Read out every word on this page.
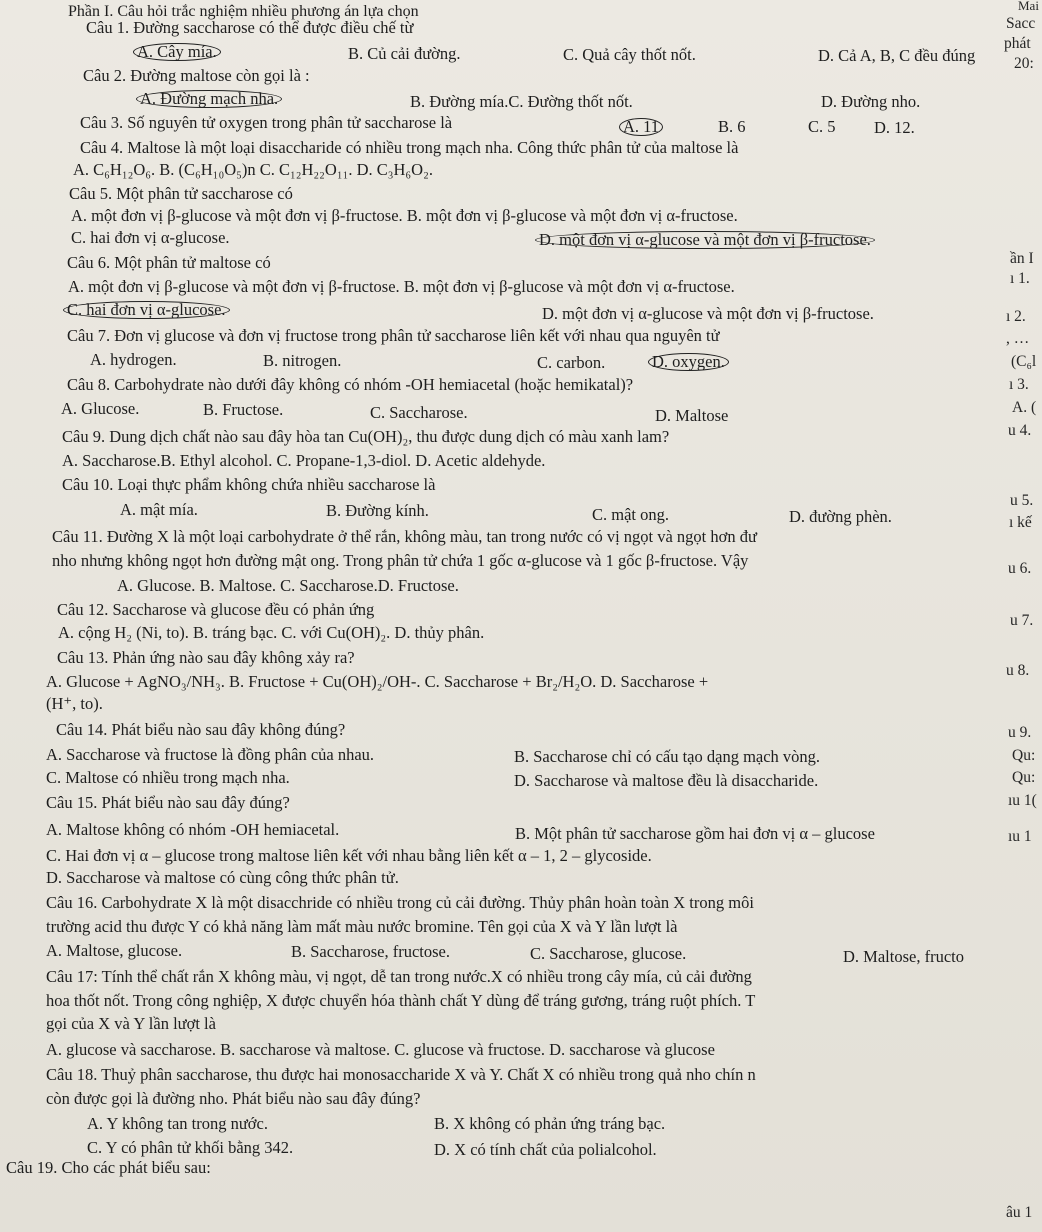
Phần I. Câu hỏi trắc nghiệm nhiều phương án lựa chọn
Câu 1. Đường saccharose có thể được điều chế từ
A. Cây mía.	B. Củ cải đường.	C. Quả cây thốt nốt.	D. Cả A, B, C đều đúng
Câu 2. Đường maltose còn gọi là :
A. Đường mạch nha.	B. Đường mía.C. Đường thốt nốt.	D. Đường nho.
Câu 3. Số nguyên tử oxygen trong phân tử saccharose là	A. 11	B. 6	C. 5 D. 12.
Câu 4. Maltose là một loại disaccharide có nhiều trong mạch nha. Công thức phân tử của maltose là
A. C₆H₁₂O₆. B. (C₆H₁₀O₅)n C. C₁₂H₂₂O₁₁. D. C₃H₆O₂.
Câu 5. Một phân tử saccharose có
A. một đơn vị β-glucose và một đơn vị β-fructose. B. một đơn vị β-glucose và một đơn vị α-fructose.
C. hai đơn vị α-glucose.	D. một đơn vị α-glucose và một đơn vị β-fructose.
Câu 6. Một phân tử maltose có
A. một đơn vị β-glucose và một đơn vị β-fructose. B. một đơn vị β-glucose và một đơn vị α-fructose.
C. hai đơn vị α-glucose.	D. một đơn vị α-glucose và một đơn vị β-fructose.
Câu 7. Đơn vị glucose và đơn vị fructose trong phân tử saccharose liên kết với nhau qua nguyên tử
A. hydrogen.	B. nitrogen.	C. carbon.	D. oxygen.
Câu 8. Carbohydrate nào dưới đây không có nhóm -OH hemiacetal (hoặc hemikatal)?
A. Glucose.	B. Fructose.	C. Saccharose.	D. Maltose
Câu 9. Dung dịch chất nào sau đây hòa tan Cu(OH)₂, thu được dung dịch có màu xanh lam?
A. Saccharose.B. Ethyl alcohol. C. Propane-1,3-diol. D. Acetic aldehyde.
Câu 10. Loại thực phẩm không chứa nhiều saccharose là
A. mật mía.	B. Đường kính.	C. mật ong.	D. đường phèn.
Câu 11. Đường X là một loại carbohydrate ở thể rắn, không màu, tan trong nước có vị ngọt và ngọt hơn đư
nho nhưng không ngọt hơn đường mật ong. Trong phân tử chứa 1 gốc α-glucose và 1 gốc β-fructose. Vậy
A. Glucose. B. Maltose. C. Saccharose.D. Fructose.
Câu 12. Saccharose và glucose đều có phản ứng
A. cộng H₂ (Ni, to). B. tráng bạc. C. với Cu(OH)₂. D. thủy phân.
Câu 13. Phản ứng nào sau đây không xảy ra?
A. Glucose + AgNO₃/NH₃. B. Fructose + Cu(OH)₂/OH-. C. Saccharose + Br₂/H₂O. D. Saccharose +
(H⁺, to).
Câu 14. Phát biểu nào sau đây không đúng?
A. Saccharose và fructose là đồng phân của nhau.	B. Saccharose chỉ có cấu tạo dạng mạch vòng.
C. Maltose có nhiều trong mạch nha.	D. Saccharose và maltose đều là disaccharide.
Câu 15. Phát biểu nào sau đây đúng?
A. Maltose không có nhóm -OH hemiacetal.	B. Một phân tử saccharose gồm hai đơn vị α – glucose
C. Hai đơn vị α – glucose trong maltose liên kết với nhau bằng liên kết α – 1, 2 – glycoside.
D. Saccharose và maltose có cùng công thức phân tử.
Câu 16. Carbohydrate X là một disacchride có nhiều trong củ cải đường. Thủy phân hoàn toàn X trong môi
trường acid thu được Y có khả năng làm mất màu nước bromine. Tên gọi của X và Y lần lượt là
A. Maltose, glucose.	B. Saccharose, fructose.	C. Saccharose, glucose.	D. Maltose, fructo
Câu 17: Tính thể chất rắn X không màu, vị ngọt, dễ tan trong nước.X có nhiều trong cây mía, củ cải đường
hoa thốt nốt. Trong công nghiệp, X được chuyển hóa thành chất Y dùng để tráng gương, tráng ruột phích. T
gọi của X và Y lần lượt là
A. glucose và saccharose. B. saccharose và maltose. C. glucose và fructose. D. saccharose và glucose
Câu 18. Thuỷ phân saccharose, thu được hai monosaccharide X và Y. Chất X có nhiều trong quả nho chín n
còn được gọi là đường nho. Phát biểu nào sau đây đúng?
A. Y không tan trong nước.	B. X không có phản ứng tráng bạc.
C. Y có phân tử khối bằng 342.	D. X có tính chất của polialcohol.
Câu 19. Cho các phát biểu sau:
Mai
Sacc
phát
20:
ần I
ı 1.
ı 2.
, …
(C₆l
ı 3.
A. (
u 4.
u 5.
ı kế
u 6.
u 7.
u 8.
u 9.
Qu:
Qu:
ıu 1(
ıu 1
âu 1
